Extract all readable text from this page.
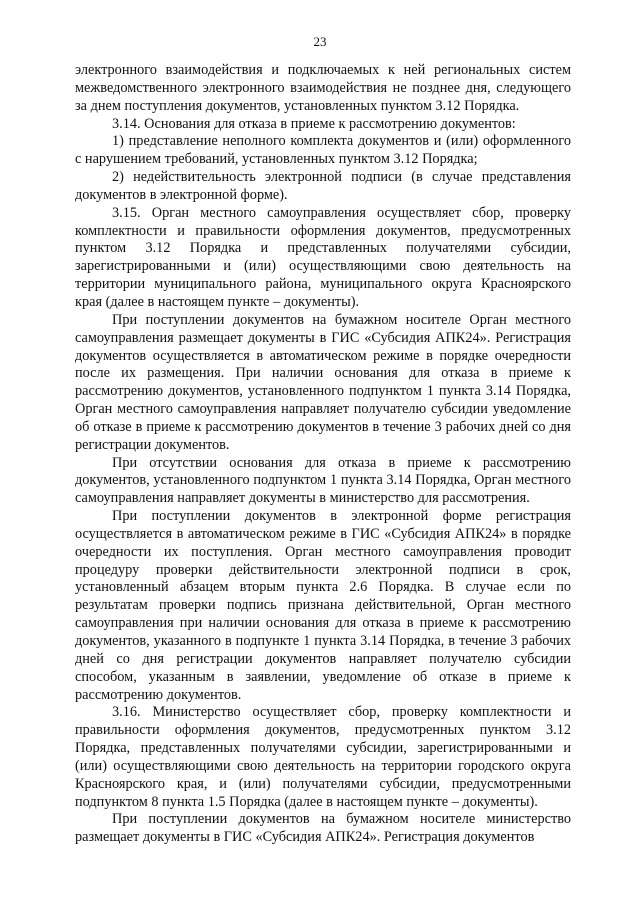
23

электронного взаимодействия и подключаемых к ней региональных систем межведомственного электронного взаимодействия не позднее дня, следующего за днем поступления документов, установленных пунктом 3.12 Порядка.

3.14. Основания для отказа в приеме к рассмотрению документов:

1) представление неполного комплекта документов и (или) оформленного с нарушением требований, установленных пунктом 3.12 Порядка;

2) недействительность электронной подписи (в случае представления документов в электронной форме).

3.15. Орган местного самоуправления осуществляет сбор, проверку комплектности и правильности оформления документов, предусмотренных пунктом 3.12 Порядка и представленных получателями субсидии, зарегистрированными и (или) осуществляющими свою деятельность на территории муниципального района, муниципального округа Красноярского края (далее в настоящем пункте – документы).

При поступлении документов на бумажном носителе Орган местного самоуправления размещает документы в ГИС «Субсидия АПК24». Регистрация документов осуществляется в автоматическом режиме в порядке очередности после их размещения. При наличии основания для отказа в приеме к рассмотрению документов, установленного подпунктом 1 пункта 3.14 Порядка, Орган местного самоуправления направляет получателю субсидии уведомление об отказе в приеме к рассмотрению документов в течение 3 рабочих дней со дня регистрации документов.

При отсутствии основания для отказа в приеме к рассмотрению документов, установленного подпунктом 1 пункта 3.14 Порядка, Орган местного самоуправления направляет документы в министерство для рассмотрения.

При поступлении документов в электронной форме регистрация осуществляется в автоматическом режиме в ГИС «Субсидия АПК24» в порядке очередности их поступления. Орган местного самоуправления проводит процедуру проверки действительности электронной подписи в срок, установленный абзацем вторым пункта 2.6 Порядка. В случае если по результатам проверки подпись признана действительной, Орган местного самоуправления при наличии основания для отказа в приеме к рассмотрению документов, указанного в подпункте 1 пункта 3.14 Порядка, в течение 3 рабочих дней со дня регистрации документов направляет получателю субсидии способом, указанным в заявлении, уведомление об отказе в приеме к рассмотрению документов.

3.16. Министерство осуществляет сбор, проверку комплектности и правильности оформления документов, предусмотренных пунктом 3.12 Порядка, представленных получателями субсидии, зарегистрированными и (или) осуществляющими свою деятельность на территории городского округа Красноярского края, и (или) получателями субсидии, предусмотренными подпунктом 8 пункта 1.5 Порядка (далее в настоящем пункте – документы).

При поступлении документов на бумажном носителе министерство размещает документы в ГИС «Субсидия АПК24». Регистрация документов
